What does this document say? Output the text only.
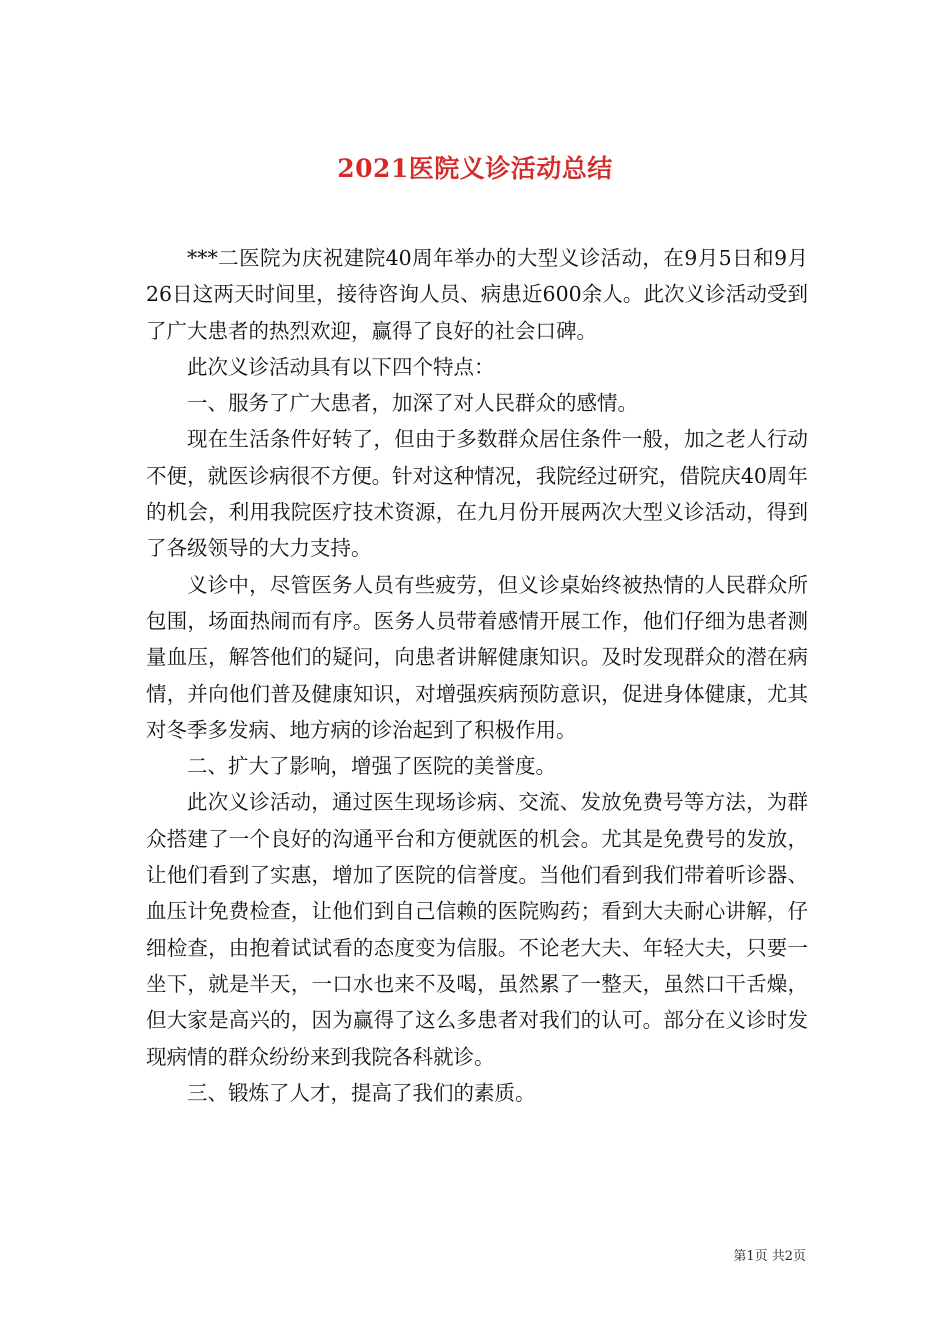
2021医院义诊活动总结

***二医院为庆祝建院40周年举办的大型义诊活动，在9月5日和9月26日这两天时间里，接待咨询人员、病患近600余人。此次义诊活动受到了广大患者的热烈欢迎，赢得了良好的社会口碑。

此次义诊活动具有以下四个特点：

一、服务了广大患者，加深了对人民群众的感情。

现在生活条件好转了，但由于多数群众居住条件一般，加之老人行动不便，就医诊病很不方便。针对这种情况，我院经过研究，借院庆40周年的机会，利用我院医疗技术资源，在九月份开展两次大型义诊活动，得到了各级领导的大力支持。

义诊中，尽管医务人员有些疲劳，但义诊桌始终被热情的人民群众所包围，场面热闹而有序。医务人员带着感情开展工作，他们仔细为患者测量血压，解答他们的疑问，向患者讲解健康知识。及时发现群众的潜在病情，并向他们普及健康知识，对增强疾病预防意识，促进身体健康，尤其对冬季多发病、地方病的诊治起到了积极作用。

二、扩大了影响，增强了医院的美誉度。

此次义诊活动，通过医生现场诊病、交流、发放免费号等方法，为群众搭建了一个良好的沟通平台和方便就医的机会。尤其是免费号的发放，让他们看到了实惠，增加了医院的信誉度。当他们看到我们带着听诊器、血压计免费检查，让他们到自己信赖的医院购药；看到大夫耐心讲解，仔细检查，由抱着试试看的态度变为信服。不论老大夫、年轻大夫，只要一坐下，就是半天，一口水也来不及喝，虽然累了一整天，虽然口干舌燥，但大家是高兴的，因为赢得了这么多患者对我们的认可。部分在义诊时发现病情的群众纷纷来到我院各科就诊。

三、锻炼了人才，提高了我们的素质。

第1页 共2页
